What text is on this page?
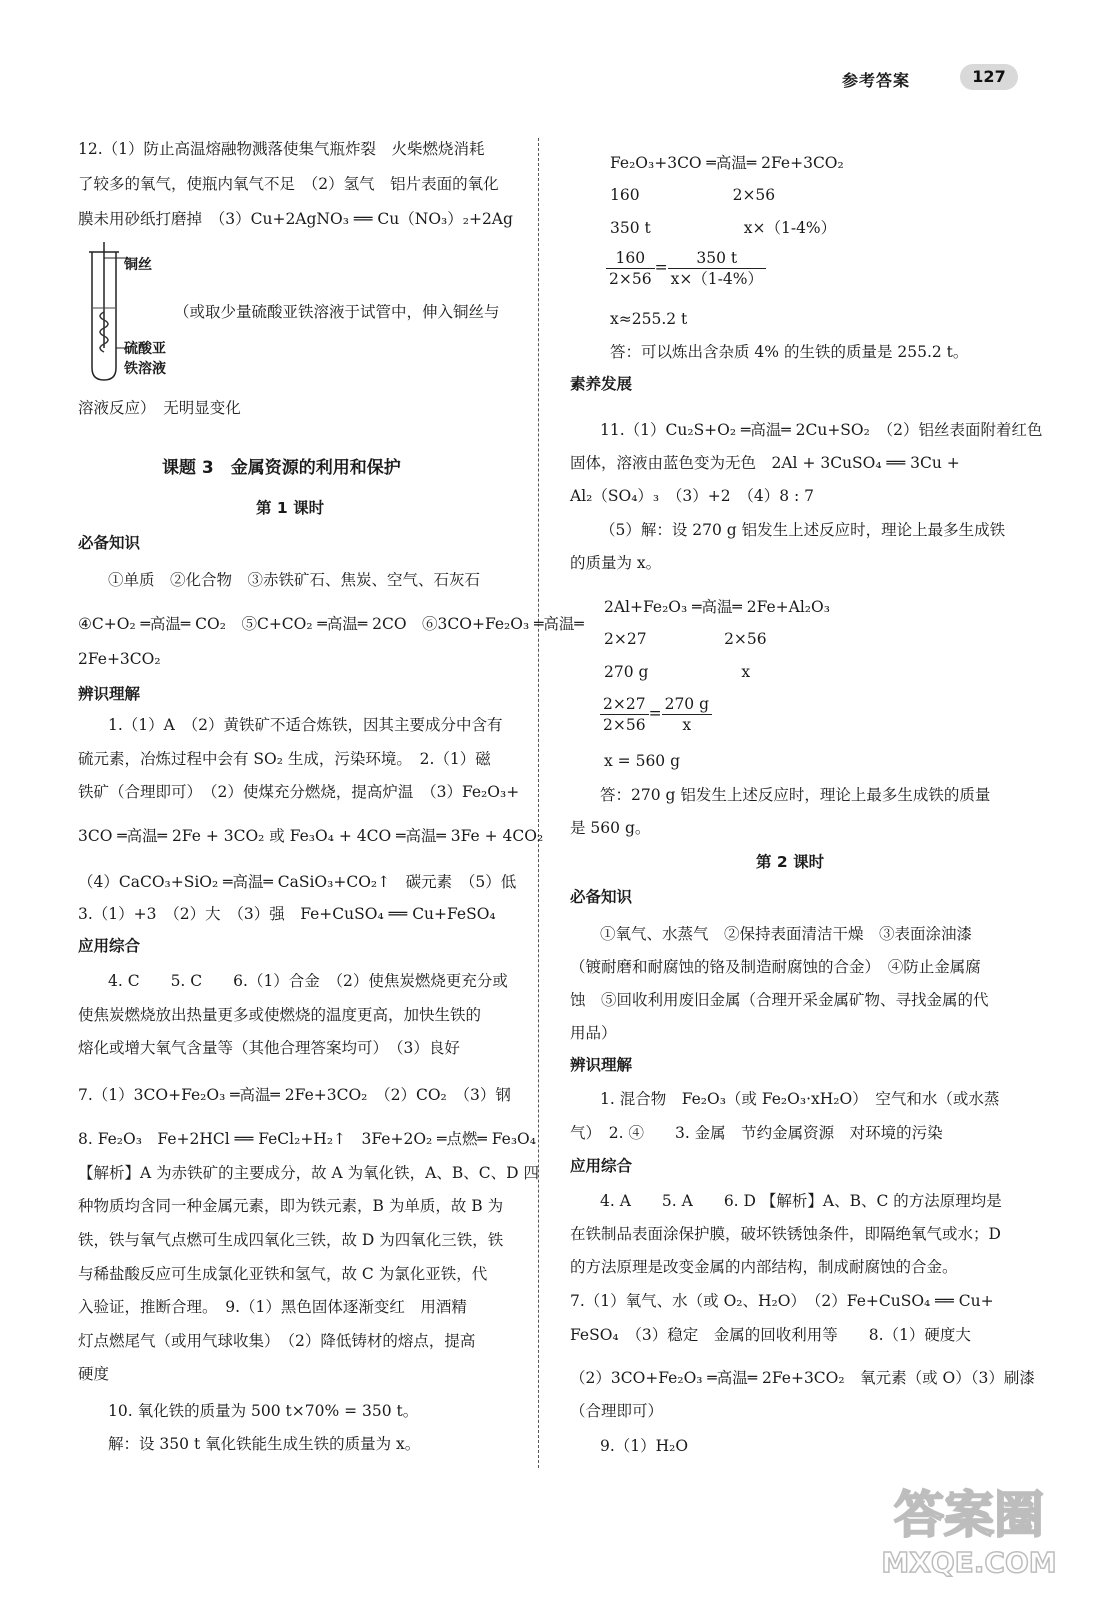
参考答案	127
12.（1）防止高温熔融物溅落使集气瓶炸裂　火柴燃烧消耗
了较多的氧气，使瓶内氧气不足　（2）氢气　铝片表面的氧化
膜未用砂纸打磨掉　（3）Cu+2AgNO₃ ══ Cu（NO₃）₂+2Ag
铜丝
硫酸亚
铁溶液
（或取少量硫酸亚铁溶液于试管中，伸入铜丝与
溶液反应）　无明显变化
课题 3　金属资源的利用和保护
第 1 课时
必备知识
①单质　②化合物　③赤铁矿石、焦炭、空气、石灰石
④C+O₂ ═高温═ CO₂　⑤C+CO₂ ═高温═ 2CO　⑥3CO+Fe₂O₃ ═高温═
2Fe+3CO₂
辨识理解
1.（1）A　（2）黄铁矿不适合炼铁，因其主要成分中含有
硫元素，冶炼过程中会有 SO₂ 生成，污染环境。　2.（1）磁
铁矿（合理即可）　（2）使煤充分燃烧，提高炉温　（3）Fe₂O₃+
3CO ═高温═ 2Fe + 3CO₂ 或 Fe₃O₄ + 4CO ═高温═ 3Fe + 4CO₂
（4）CaCO₃+SiO₂ ═高温═ CaSiO₃+CO₂↑　碳元素　（5）低
3.（1）+3　（2）大　（3）强　Fe+CuSO₄ ══ Cu+FeSO₄
应用综合
4. C　　5. C　　6.（1）合金　（2）使焦炭燃烧更充分或
使焦炭燃烧放出热量更多或使燃烧的温度更高，加快生铁的
熔化或增大氧气含量等（其他合理答案均可）　（3）良好
7.（1）3CO+Fe₂O₃ ═高温═ 2Fe+3CO₂　（2）CO₂　（3）钢
8. Fe₂O₃　Fe+2HCl ══ FeCl₂+H₂↑　3Fe+2O₂ ═点燃═ Fe₃O₄
【解析】A 为赤铁矿的主要成分，故 A 为氧化铁，A、B、C、D 四
种物质均含同一种金属元素，即为铁元素，B 为单质，故 B 为
铁，铁与氧气点燃可生成四氧化三铁，故 D 为四氧化三铁，铁
与稀盐酸反应可生成氯化亚铁和氢气，故 C 为氯化亚铁，代
入验证，推断合理。　9.（1）黑色固体逐渐变红　用酒精
灯点燃尾气（或用气球收集）　（2）降低铸材的熔点，提高
硬度
10. 氧化铁的质量为 500 t×70% = 350 t。
解：设 350 t 氧化铁能生成生铁的质量为 x。
Fe₂O₃+3CO ═高温═ 2Fe+3CO₂
160　　　　　　2×56
350 t　　　　　　x×（1-4%）
$\frac{160}{2\times 56} = \frac{350 t}{x\times(1-4\%)}$
x≈255.2 t
答：可以炼出含杂质 4% 的生铁的质量是 255.2 t。
素养发展
11.（1）Cu₂S+O₂ ═高温═ 2Cu+SO₂　（2）铝丝表面附着红色
固体，溶液由蓝色变为无色　2Al + 3CuSO₄ ══ 3Cu +
Al₂（SO₄）₃　（3）+2　（4）8 : 7
（5）解：设 270 g 铝发生上述反应时，理论上最多生成铁
的质量为 x。
2Al+Fe₂O₃ ═高温═ 2Fe+Al₂O₃
2×27　　　　　2×56
270 g　　　　　　x
$\frac{2\times 27}{2\times 56} = \frac{270 g}{x}$
x = 560 g
答：270 g 铝发生上述反应时，理论上最多生成铁的质量
是 560 g。
第 2 课时
必备知识
①氧气、水蒸气　②保持表面清洁干燥　③表面涂油漆
（镀耐磨和耐腐蚀的铬及制造耐腐蚀的合金）　④防止金属腐
蚀　⑤回收利用废旧金属（合理开采金属矿物、寻找金属的代
用品）
辨识理解
1. 混合物　Fe₂O₃（或 Fe₂O₃·xH₂O）　空气和水（或水蒸
气）　2. ④　　3. 金属　节约金属资源　对环境的污染
应用综合
4. A　　5. A　　6. D 【解析】A、B、C 的方法原理均是
在铁制品表面涂保护膜，破坏铁锈蚀条件，即隔绝氧气或水；D
的方法原理是改变金属的内部结构，制成耐腐蚀的合金。
7.（1）氧气、水（或 O₂、H₂O）　（2）Fe+CuSO₄ ══ Cu+
FeSO₄　（3）稳定　金属的回收利用等　　8.（1）硬度大
（2）3CO+Fe₂O₃ ═高温═ 2Fe+3CO₂　氧元素（或 O）（3）刷漆
（合理即可）
9.（1）H₂O
答案圈
MXQE.COM
